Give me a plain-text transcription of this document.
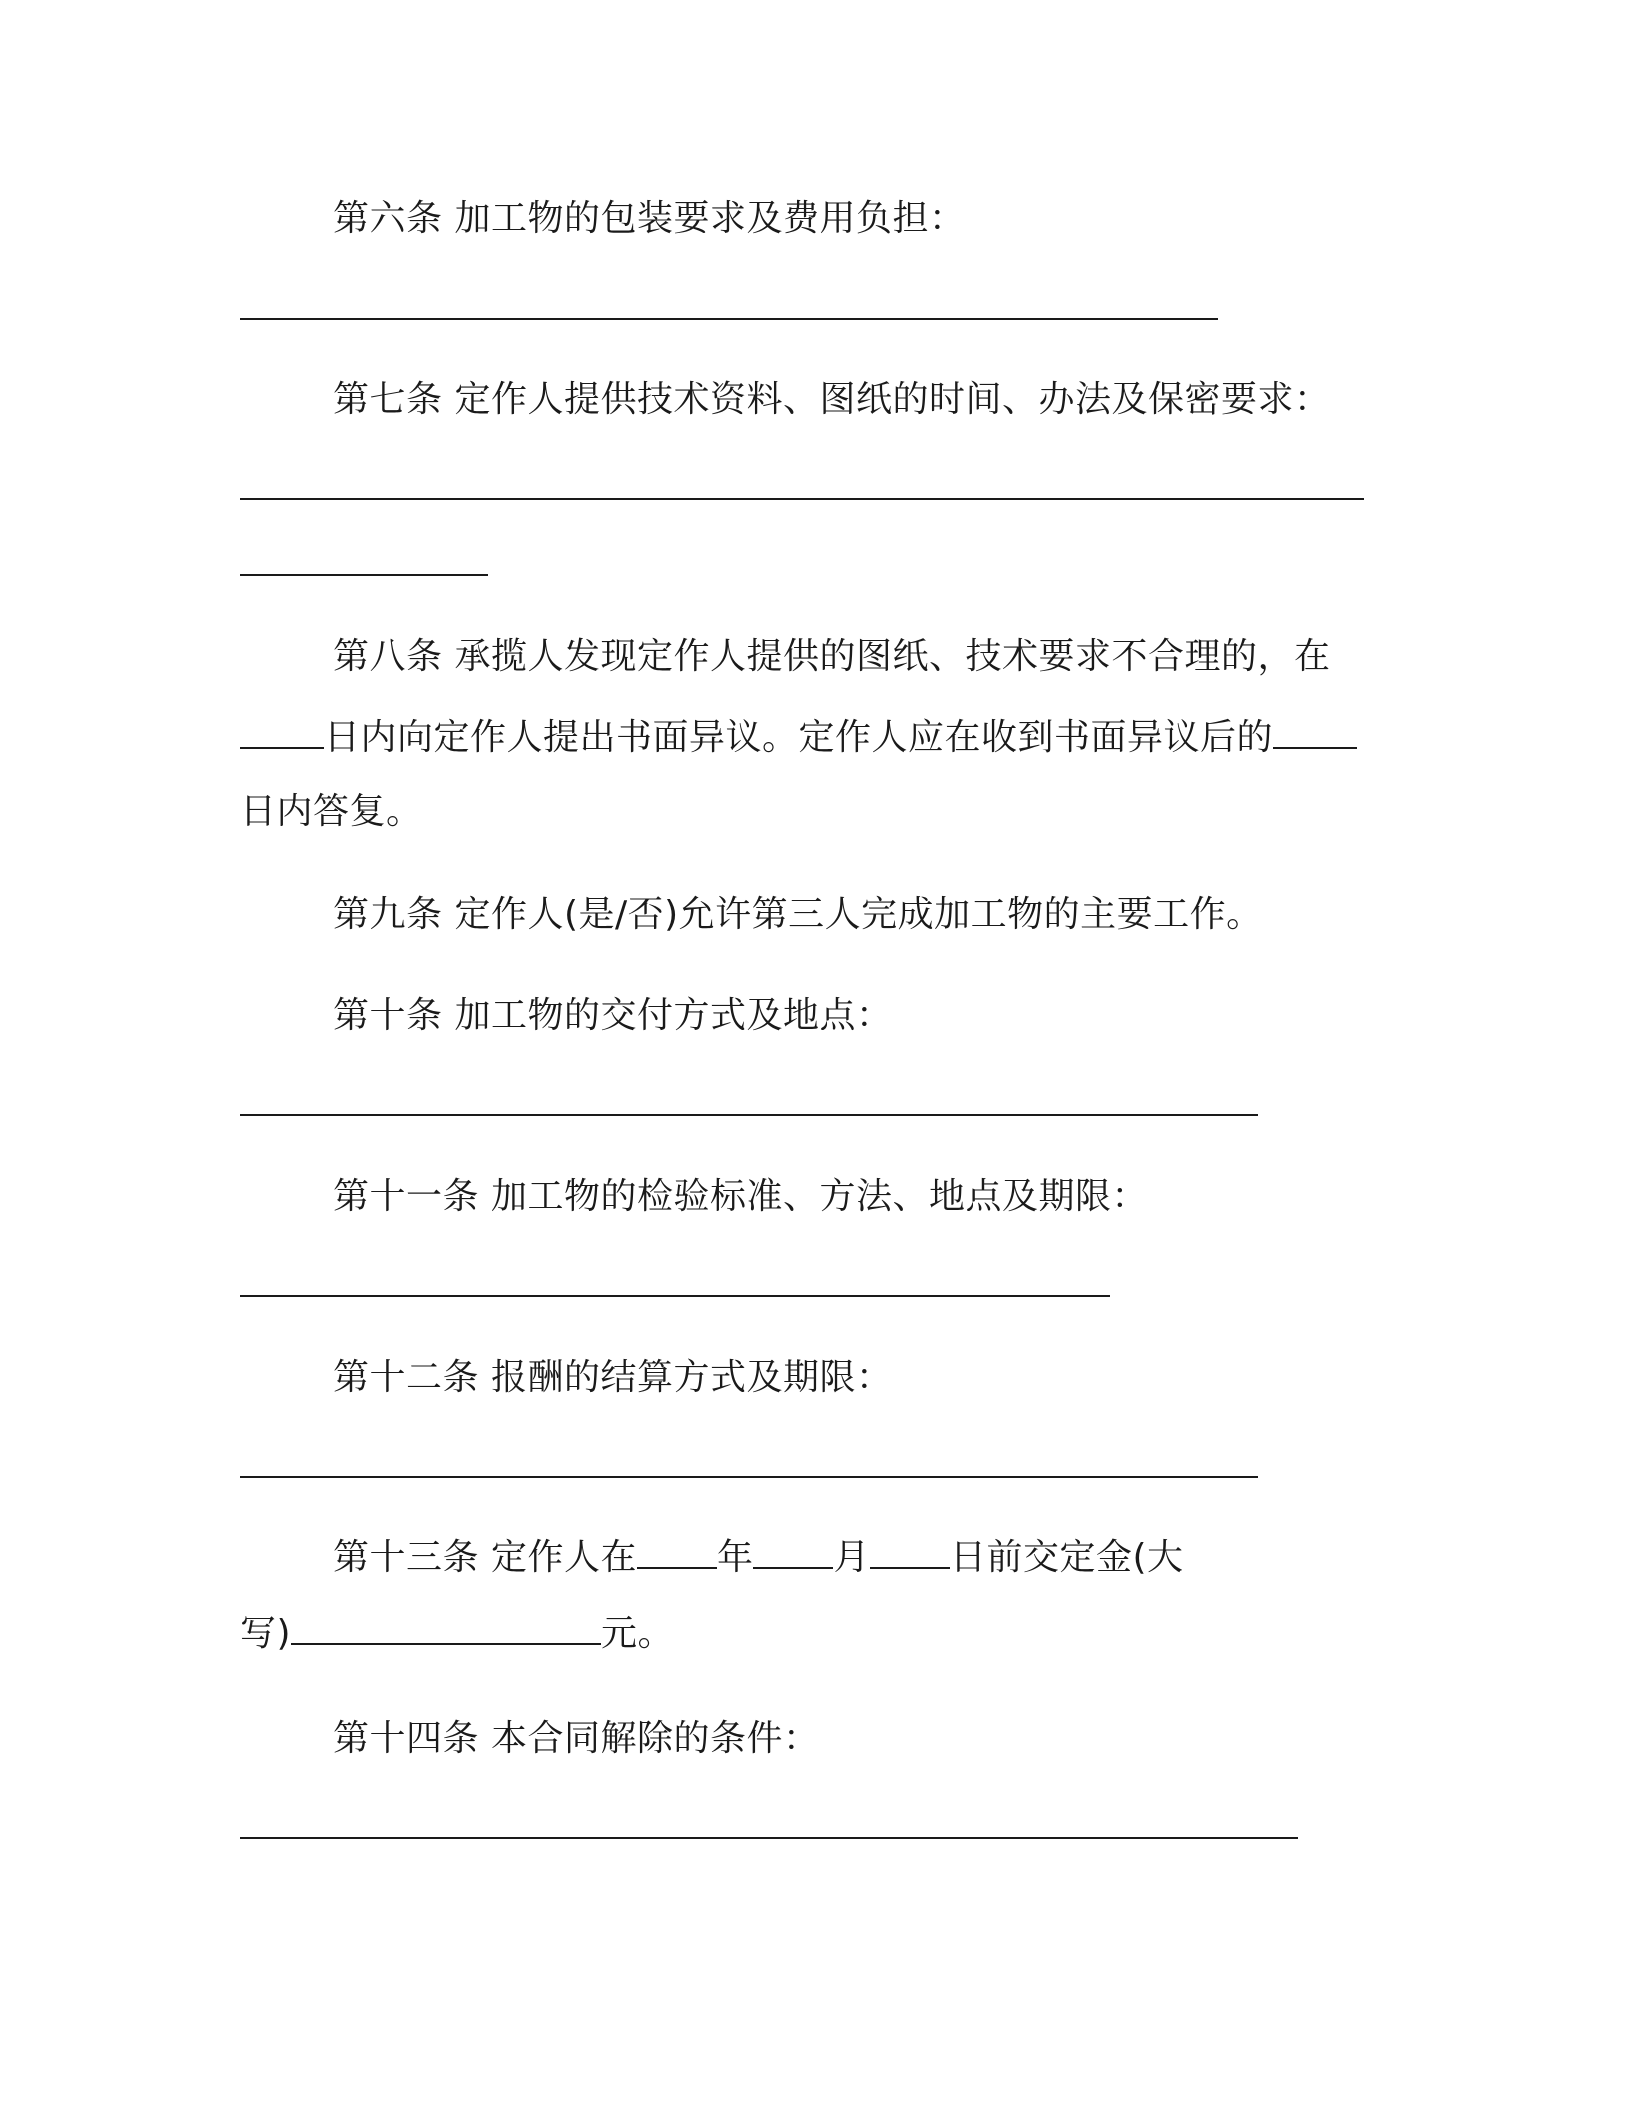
第六条 加工物的包装要求及费用负担：
第七条 定作人提供技术资料、图纸的时间、办法及保密要求：
第八条 承揽人发现定作人提供的图纸、技术要求不合理的，在
日内向定作人提出书面异议。定作人应在收到书面异议后的
日内答复。
第九条 定作人(是/否)允许第三人完成加工物的主要工作。
第十条 加工物的交付方式及地点：
第十一条 加工物的检验标准、方法、地点及期限：
第十二条 报酬的结算方式及期限：
第十三条 定作人在 年 月 日前交定金(大
写)	元。
第十四条 本合同解除的条件：
